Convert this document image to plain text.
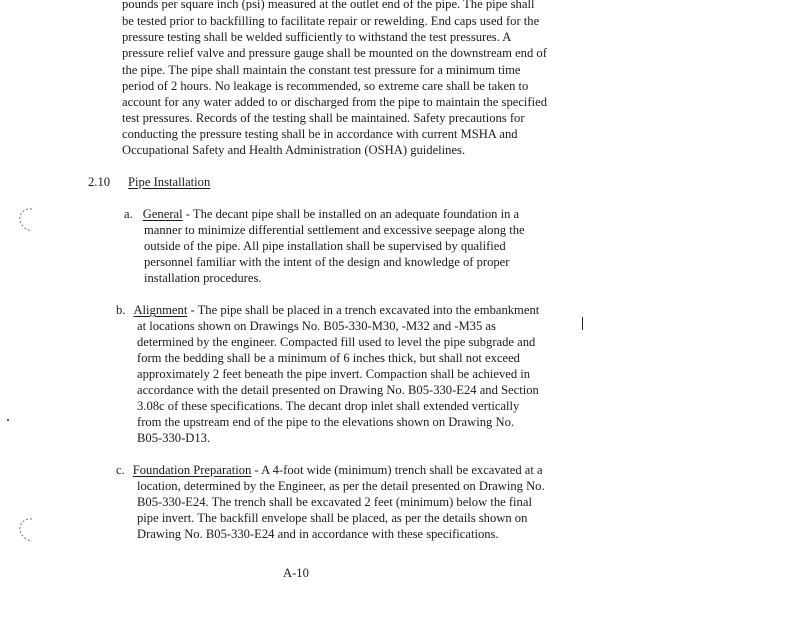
pounds per square inch (psi) measured at the outlet end of the pipe. The pipe shall
be tested prior to backfilling to facilitate repair or rewelding. End caps used for the
pressure testing shall be welded sufficiently to withstand the test pressures. A
pressure relief valve and pressure gauge shall be mounted on the downstream end of
the pipe. The pipe shall maintain the constant test pressure for a minimum time
period of 2 hours. No leakage is recommended, so extreme care shall be taken to
account for any water added to or discharged from the pipe to maintain the specified
test pressures. Records of the testing shall be maintained. Safety precautions for
conducting the pressure testing shall be in accordance with current MSHA and
Occupational Safety and Health Administration (OSHA) guidelines.
2.10 Pipe Installation
a. General - The decant pipe shall be installed on an adequate foundation in a
manner to minimize differential settlement and excessive seepage along the
outside of the pipe. All pipe installation shall be supervised by qualified
personnel familiar with the intent of the design and knowledge of proper
installation procedures.
b. Alignment - The pipe shall be placed in a trench excavated into the embankment
at locations shown on Drawings No. B05-330-M30, -M32 and -M35 as
determined by the engineer. Compacted fill used to level the pipe subgrade and
form the bedding shall be a minimum of 6 inches thick, but shall not exceed
approximately 2 feet beneath the pipe invert. Compaction shall be achieved in
accordance with the detail presented on Drawing No. B05-330-E24 and Section
3.08c of these specifications. The decant drop inlet shall extended vertically
from the upstream end of the pipe to the elevations shown on Drawing No.
B05-330-D13.
c. Foundation Preparation - A 4-foot wide (minimum) trench shall be excavated at a
location, determined by the Engineer, as per the detail presented on Drawing No.
B05-330-E24. The trench shall be excavated 2 feet (minimum) below the final
pipe invert. The backfill envelope shall be placed, as per the details shown on
Drawing No. B05-330-E24 and in accordance with these specifications.
A-10
